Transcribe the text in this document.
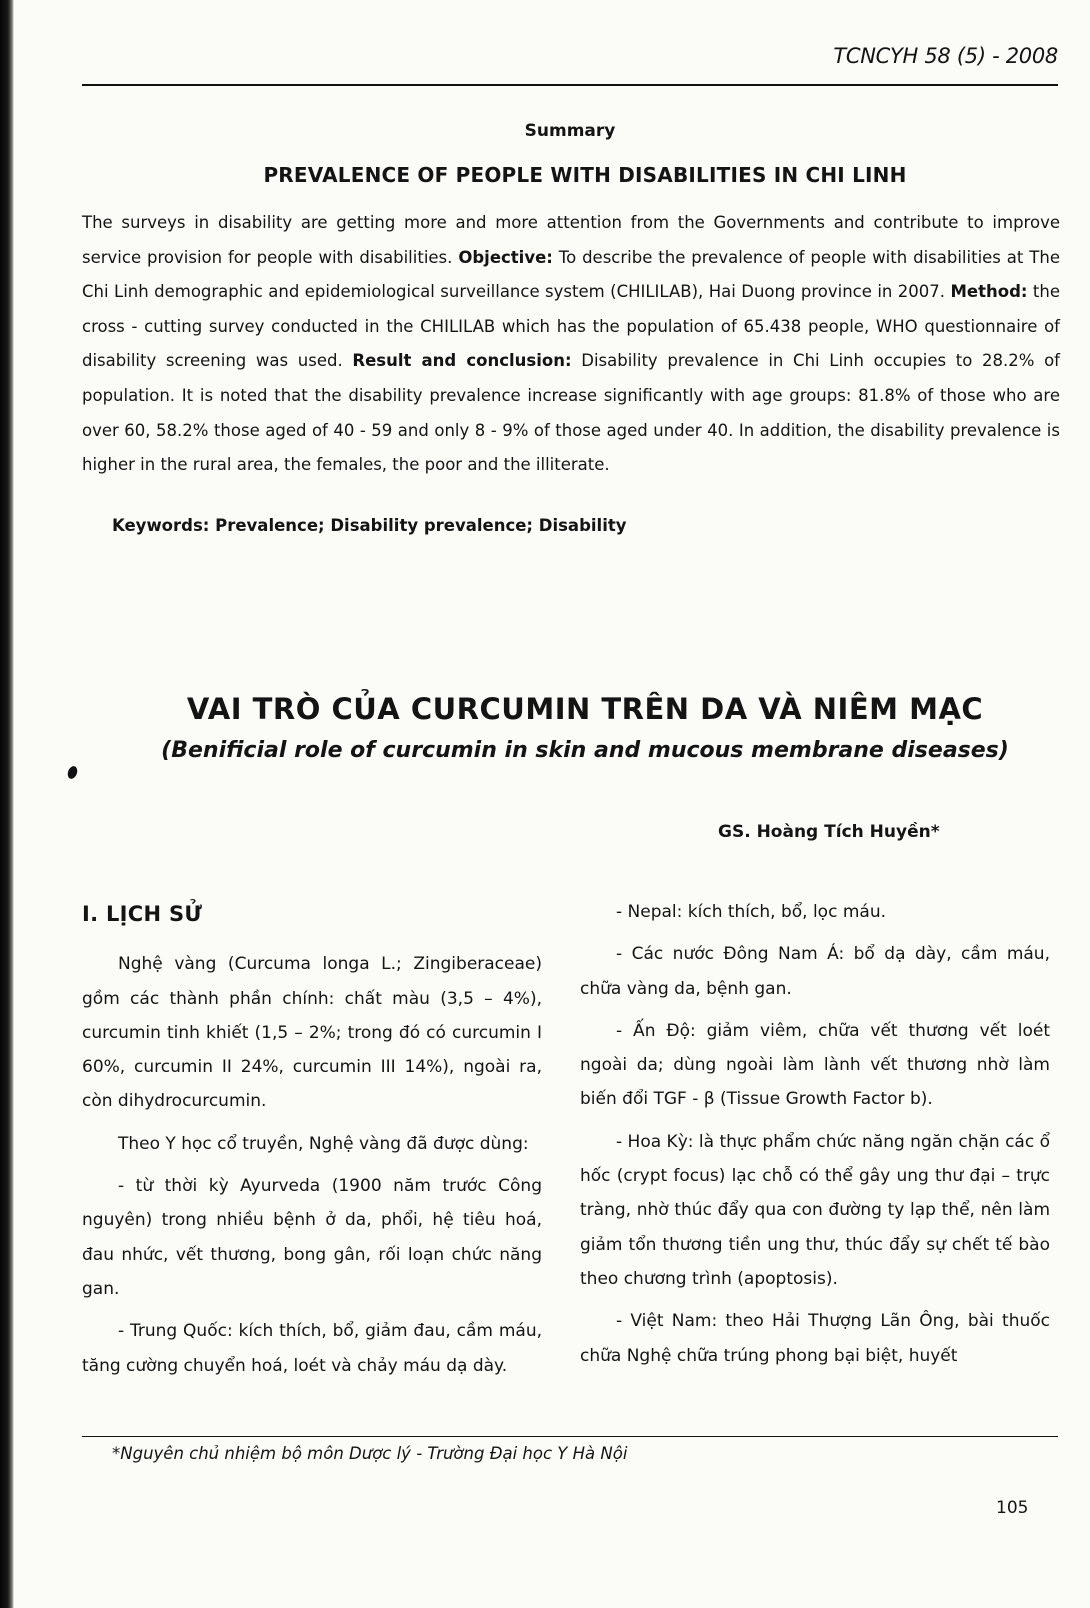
TCNCYH 58 (5) - 2008
Summary
PREVALENCE OF PEOPLE WITH DISABILITIES IN CHI LINH

The surveys in disability are getting more and more attention from the Governments and contribute to improve service provision for people with disabilities. Objective: To describe the prevalence of people with disabilities at The Chi Linh demographic and epidemiological surveillance system (CHILILAB), Hai Duong province in 2007. Method: the cross - cutting survey conducted in the CHILILAB which has the population of 65.438 people, WHO questionnaire of disability screening was used. Result and conclusion: Disability prevalence in Chi Linh occupies to 28.2% of population. It is noted that the disability prevalence increase significantly with age groups: 81.8% of those who are over 60, 58.2% those aged of 40 - 59 and only 8 - 9% of those aged under 40. In addition, the disability prevalence is higher in the rural area, the females, the poor and the illiterate.

Keywords: Prevalence; Disability prevalence; Disability

VAI TRÒ CỦA CURCUMIN TRÊN DA VÀ NIÊM MẠC
(Benificial role of curcumin in skin and mucous membrane diseases)
GS. Hoàng Tích Huyền*
I. LỊCH SỬ

Nghệ vàng (Curcuma longa L.; Zingiberaceae) gồm các thành phần chính: chất màu (3,5 – 4%), curcumin tinh khiết (1,5 – 2%; trong đó có curcumin I 60%, curcumin II 24%, curcumin III 14%), ngoài ra, còn dihydrocurcumin.

Theo Y học cổ truyền, Nghệ vàng đã được dùng:

- từ thời kỳ Ayurveda (1900 năm trước Công nguyên) trong nhiều bệnh ở da, phổi, hệ tiêu hoá, đau nhức, vết thương, bong gân, rối loạn chức năng gan.

- Trung Quốc: kích thích, bổ, giảm đau, cầm máu, tăng cường chuyển hoá, loét và chảy máu dạ dày.

- Nepal: kích thích, bổ, lọc máu.

- Các nước Đông Nam Á: bổ dạ dày, cầm máu, chữa vàng da, bệnh gan.

- Ấn Độ: giảm viêm, chữa vết thương vết loét ngoài da; dùng ngoài làm lành vết thương nhờ làm biến đổi TGF - β (Tissue Growth Factor b).

- Hoa Kỳ: là thực phẩm chức năng ngăn chặn các ổ hốc (crypt focus) lạc chỗ có thể gây ung thư đại – trực tràng, nhờ thúc đẩy qua con đường ty lạp thể, nên làm giảm tổn thương tiền ung thư, thúc đẩy sự chết tế bào theo chương trình (apoptosis).

- Việt Nam: theo Hải Thượng Lãn Ông, bài thuốc chữa Nghệ chữa trúng phong bại biệt, huyết

*Nguyên chủ nhiệm bộ môn Dược lý - Trường Đại học Y Hà Nội
105
